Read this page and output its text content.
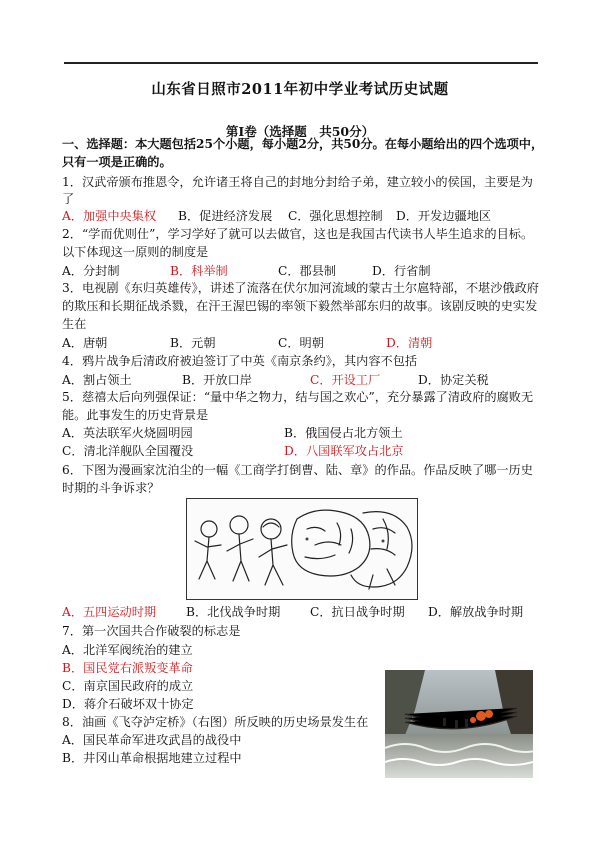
山东省日照市2011年初中学业考试历史试题
第Ⅰ卷（选择题　共50分）
一、选择题：本大题包括25个小题，每小题2分，共50分。在每小题给出的四个选项中，
只有一项是正确的。
1．汉武帝颁布推恩令，允许诸王将自己的封地分封给子弟，建立较小的侯国，主要是为
了
A．加强中央集权 B．促进经济发展 C．强化思想控制 D．开发边疆地区
2．“学而优则仕”，学习学好了就可以去做官，这也是我国古代读书人毕生追求的目标。
以下体现这一原则的制度是
A．分封制	B．科举制	C．郡县制	D．行省制
3．电视剧《东归英雄传》，讲述了流落在伏尔加河流域的蒙古土尔扈特部，不堪沙俄政府
的欺压和长期征战杀戮，在汗王渥巴锡的率领下毅然举部东归的故事。该剧反映的史实发
生在
A．唐朝	B．元朝	C．明朝	D．清朝
4．鸦片战争后清政府被迫签订了中英《南京条约》，其内容不包括
A．割占领土	B．开放口岸	C．开设工厂	D．协定关税
5．慈禧太后向列强保证：“量中华之物力，结与国之欢心”，充分暴露了清政府的腐败无
能。此事发生的历史背景是
A．英法联军火烧圆明园	B．俄国侵占北方领土
C．清北洋舰队全国覆没	D．八国联军攻占北京
6．下图为漫画家沈泊尘的一幅《工商学打倒曹、陆、章》的作品。作品反映了哪一历史
时期的斗争诉求？
A．五四运动时期 B．北伐战争时期 C．抗日战争时期 D．解放战争时期
7．第一次国共合作破裂的标志是
A．北洋军阀统治的建立
B．国民党右派叛变革命
C．南京国民政府的成立
D．蒋介石破坏双十协定
8．油画《飞夺泸定桥》（右图）所反映的历史场景发生在
A．国民革命军进攻武昌的战役中
B．井冈山革命根据地建立过程中
